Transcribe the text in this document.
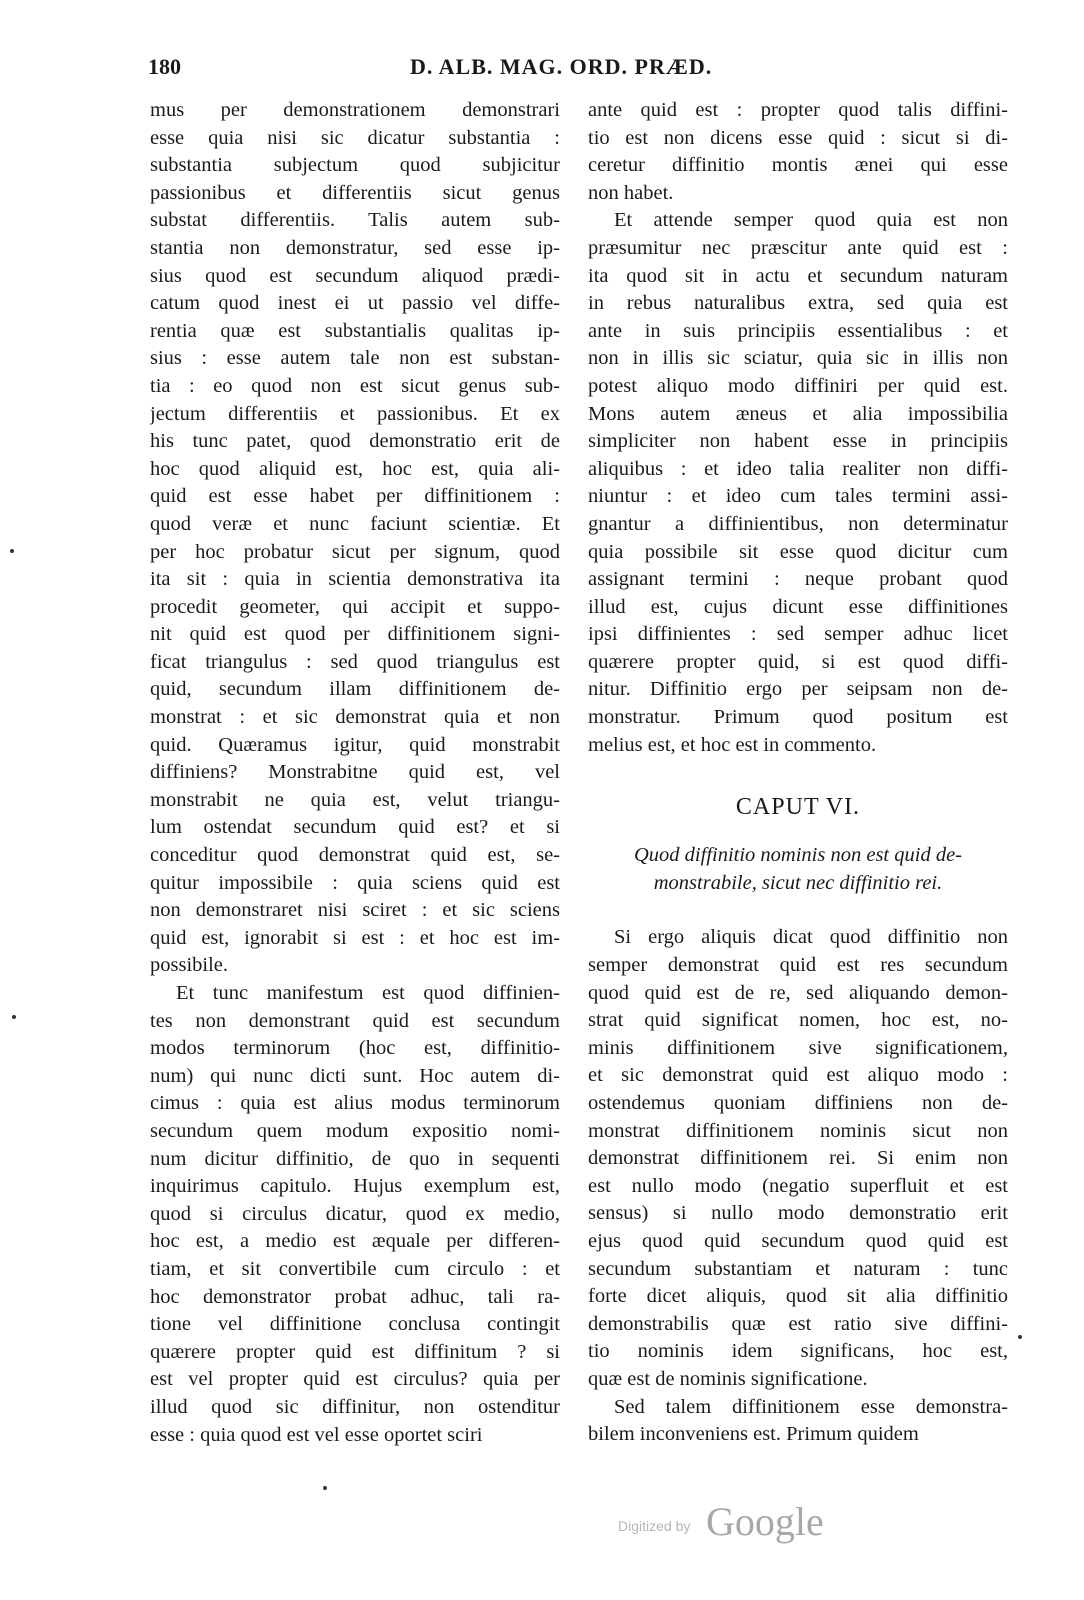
180	D. ALB. MAG. ORD. PRÆD.
mus per demonstrationem demonstrari
esse quia nisi sic dicatur substantia :
substantia subjectum quod subjicitur
passionibus et differentiis sicut genus
substat differentiis. Talis autem sub-
stantia non demonstratur, sed esse ip-
sius quod est secundum aliquod prædi-
catum quod inest ei ut passio vel diffe-
rentia quæ est substantialis qualitas ip-
sius : esse autem tale non est substan-
tia : eo quod non est sicut genus sub-
jectum differentiis et passionibus. Et ex
his tunc patet, quod demonstratio erit de
hoc quod aliquid est, hoc est, quia ali-
quid est esse habet per diffinitionem :
quod veræ et nunc faciunt scientiæ. Et
per hoc probatur sicut per signum, quod
ita sit : quia in scientia demonstrativa ita
procedit geometer, qui accipit et suppo-
nit quid est quod per diffinitionem signi-
ficat triangulus : sed quod triangulus est
quid, secundum illam diffinitionem de-
monstrat : et sic demonstrat quia et non
quid. Quæramus igitur, quid monstrabit
diffiniens? Monstrabitne quid est, vel
monstrabit ne quia est, velut triangu-
lum ostendat secundum quid est? et si
conceditur quod demonstrat quid est, se-
quitur impossibile : quia sciens quid est
non demonstraret nisi sciret : et sic sciens
quid est, ignorabit si est : et hoc est im-
possibile.
Et tunc manifestum est quod diffinien-
tes non demonstrant quid est secundum
modos terminorum (hoc est, diffinitio-
num) qui nunc dicti sunt. Hoc autem di-
cimus : quia est alius modus terminorum
secundum quem modum expositio nomi-
num dicitur diffinitio, de quo in sequenti
inquirimus capitulo. Hujus exemplum est,
quod si circulus dicatur, quod ex medio,
hoc est, a medio est æquale per differen-
tiam, et sit convertibile cum circulo : et
hoc demonstrator probat adhuc, tali ra-
tione vel diffinitione conclusa contingit
quærere propter quid est diffinitum ? si
est vel propter quid est circulus? quia per
illud quod sic diffinitur, non ostenditur
esse : quia quod est vel esse oportet sciri
ante quid est : propter quod talis diffini-
tio est non dicens esse quid : sicut si di-
ceretur diffinitio montis ænei qui esse
non habet.
Et attende semper quod quia est non
præsumitur nec præscitur ante quid est :
ita quod sit in actu et secundum naturam
in rebus naturalibus extra, sed quia est
ante in suis principiis essentialibus : et
non in illis sic sciatur, quia sic in illis non
potest aliquo modo diffiniri per quid est.
Mons autem æneus et alia impossibilia
simpliciter non habent esse in principiis
aliquibus : et ideo talia realiter non diffi-
niuntur : et ideo cum tales termini assi-
gnantur a diffinientibus, non determinatur
quia possibile sit esse quod dicitur cum
assignant termini : neque probant quod
illud est, cujus dicunt esse diffinitiones
ipsi diffinientes : sed semper adhuc licet
quærere propter quid, si est quod diffi-
nitur. Diffinitio ergo per seipsam non de-
monstratur. Primum quod positum est
melius est, et hoc est in commento.
CAPUT VI.
Quod diffinitio nominis non est quid de-
monstrabile, sicut nec diffinitio rei.
Si ergo aliquis dicat quod diffinitio non
semper demonstrat quid est res secundum
quod quid est de re, sed aliquando demon-
strat quid significat nomen, hoc est, no-
minis diffinitionem sive significationem,
et sic demonstrat quid est aliquo modo :
ostendemus quoniam diffiniens non de-
monstrat diffinitionem nominis sicut non
demonstrat diffinitionem rei. Si enim non
est nullo modo (negatio superfluit et est
sensus) si nullo modo demonstratio erit
ejus quod quid secundum quod quid est
secundum substantiam et naturam : tunc
forte dicet aliquis, quod sit alia diffinitio
demonstrabilis quæ est ratio sive diffini-
tio nominis idem significans, hoc est,
quæ est de nominis significatione.
Sed talem diffinitionem esse demonstra-
bilem inconveniens est. Primum quidem
Digitized by Google
